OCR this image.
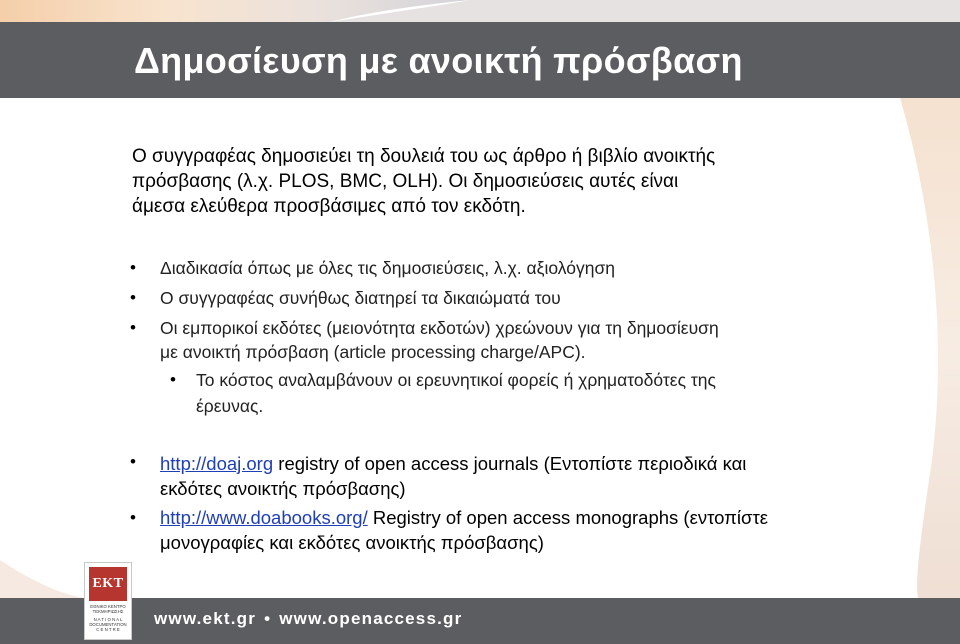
Δημοσίευση με ανοικτή πρόσβαση

Ο συγγραφέας δημοσιεύει τη δουλειά του ως άρθρο ή βιβλίο ανοικτής
πρόσβασης (λ.χ. PLOS, BMC, OLH). Οι δημοσιεύσεις αυτές είναι
άμεσα ελεύθερα προσβάσιμες από τον εκδότη.

• Διαδικασία όπως με όλες τις δημοσιεύσεις, λ.χ. αξιολόγηση
• Ο συγγραφέας συνήθως διατηρεί τα δικαιώματά του
• Οι εμπορικοί εκδότες (μειονότητα εκδοτών) χρεώνουν για τη δημοσίευση
με ανοικτή πρόσβαση (article processing charge/APC).
• Το κόστος αναλαμβάνουν οι ερευνητικοί φορείς ή χρηματοδότες της
έρευνας.
• http://doaj.org registry of open access journals (Εντοπίστε περιοδικά και
εκδότες ανοικτής πρόσβασης)
• http://www.doabooks.org/ Registry of open access monographs (εντοπίστε
μονογραφίες και εκδότες ανοικτής πρόσβασης)
www.ekt.gr • www.openaccess.gr
EKT
ΕΘΝΙΚΟ ΚΕΝΤΡΟ
ΤΕΚΜΗΡΙΩΣΗΣ
N A T I O N A L
DOCUMENTATION
C E N T R E
